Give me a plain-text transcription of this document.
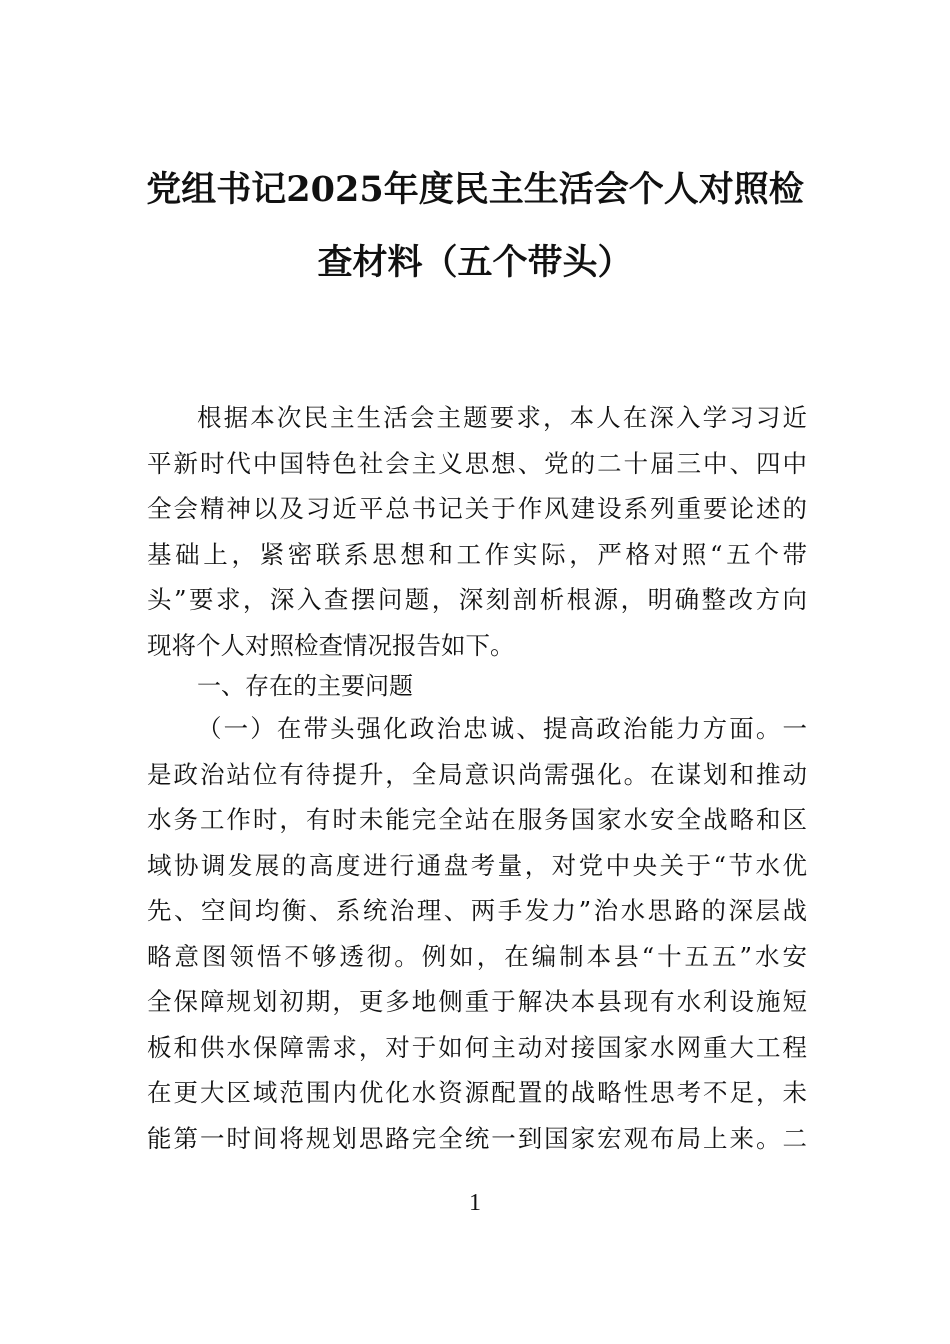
党组书记2025年度民主生活会个人对照检
查材料（五个带头）
根据本次民主生活会主题要求，本人在深入学习习近
平新时代中国特色社会主义思想、党的二十届三中、四中
全会精神以及习近平总书记关于作风建设系列重要论述的
基础上，紧密联系思想和工作实际，严格对照“五个带
头”要求，深入查摆问题，深刻剖析根源，明确整改方向
现将个人对照检查情况报告如下。
一、存在的主要问题
（一）在带头强化政治忠诚、提高政治能力方面。一
是政治站位有待提升，全局意识尚需强化。在谋划和推动
水务工作时，有时未能完全站在服务国家水安全战略和区
域协调发展的高度进行通盘考量，对党中央关于“节水优
先、空间均衡、系统治理、两手发力”治水思路的深层战
略意图领悟不够透彻。例如，在编制本县“十五五”水安
全保障规划初期，更多地侧重于解决本县现有水利设施短
板和供水保障需求，对于如何主动对接国家水网重大工程
在更大区域范围内优化水资源配置的战略性思考不足，未
能第一时间将规划思路完全统一到国家宏观布局上来。二
1
